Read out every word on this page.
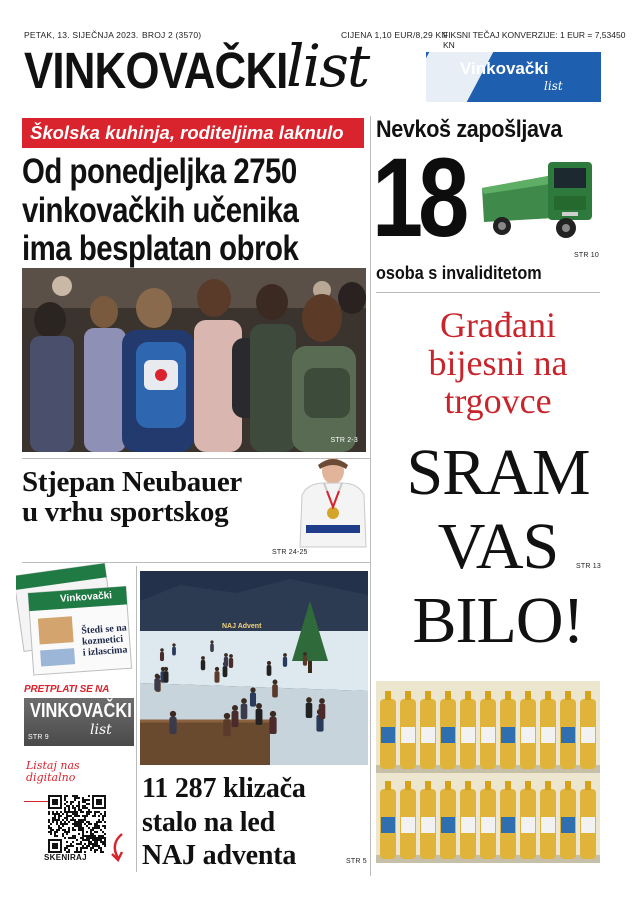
PETAK, 13. SIJEČNJA 2023. BROJ 2 (3570)	CIJENA 1,10 EUR/8,29 KN
FIKSNI TEČAJ KONVERZIJE: 1 EUR = 7,53450 KN
VINKOVAČKI
list	Vinkovački
list
Školska kuhinja, roditeljima laknulo
Od ponedjeljka 2750
vinkovačkih učenika
ima besplatan obrok
STR 2-3
Stjepan Neubauer
u vrhu sportskog
STR 24-25
Nevkoš zapošljava
18	STR 10
osoba s invaliditetom
Građani
bijesni na
trgovce
SRAM
VAS
BILO!
STR 13
Vinkovački
Štedi se na kozmetici i izlascima
PRETPLATI SE NA
VINKOVAČKI
list
STR 9
Listaj nas
digitalno
SKENIRAJ
NAJ Advent
11 287 klizača
stalo na led
NAJ adventa	STR 5
